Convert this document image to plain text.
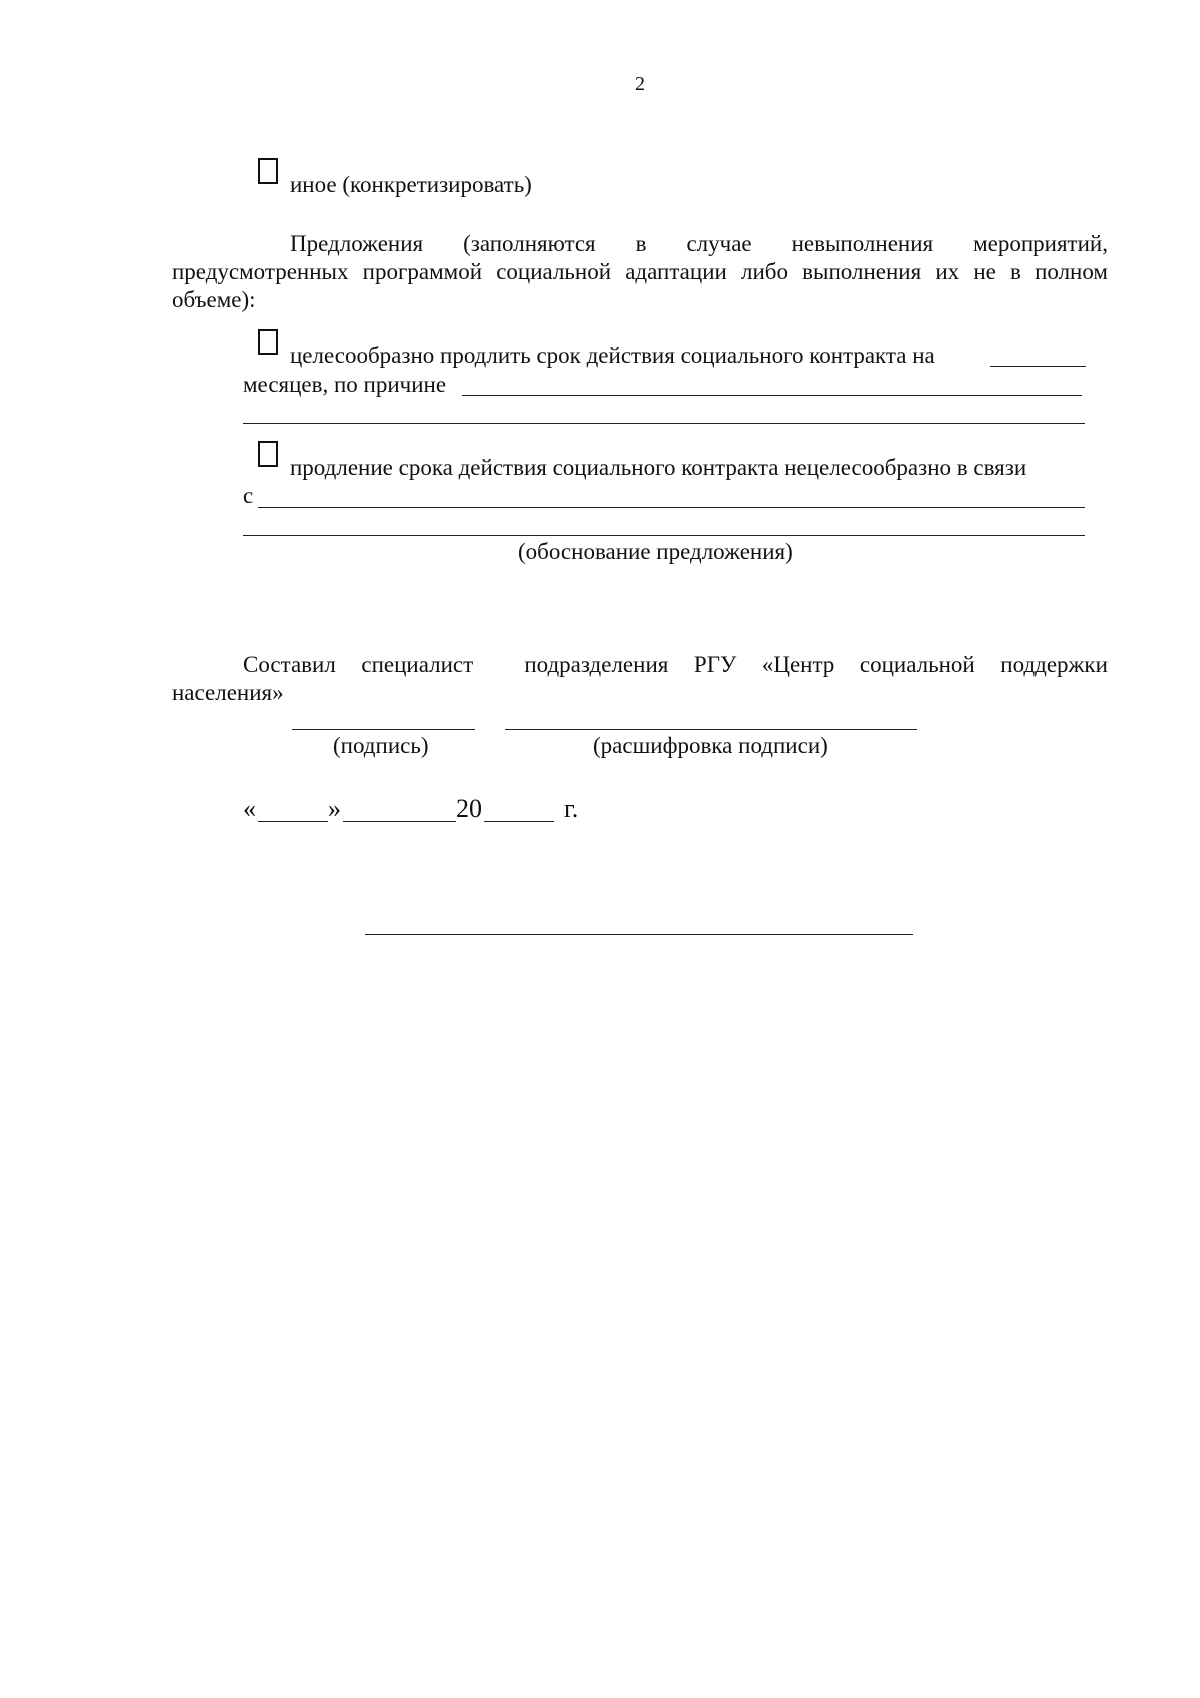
2
иное (конкретизировать)
Предложения (заполняются в случае невыполнения мероприятий,
предусмотренных программой социальной адаптации либо выполнения их не в полном
объеме):
целесообразно продлить срок действия социального контракта на
месяцев, по причине
продление срока действия социального контракта нецелесообразно в связи
с
(обоснование предложения)
Составил специалист подразделения РГУ «Центр социальной поддержки
населения»
(подпись)	(расшифровка подписи)
«	»	20	г.
